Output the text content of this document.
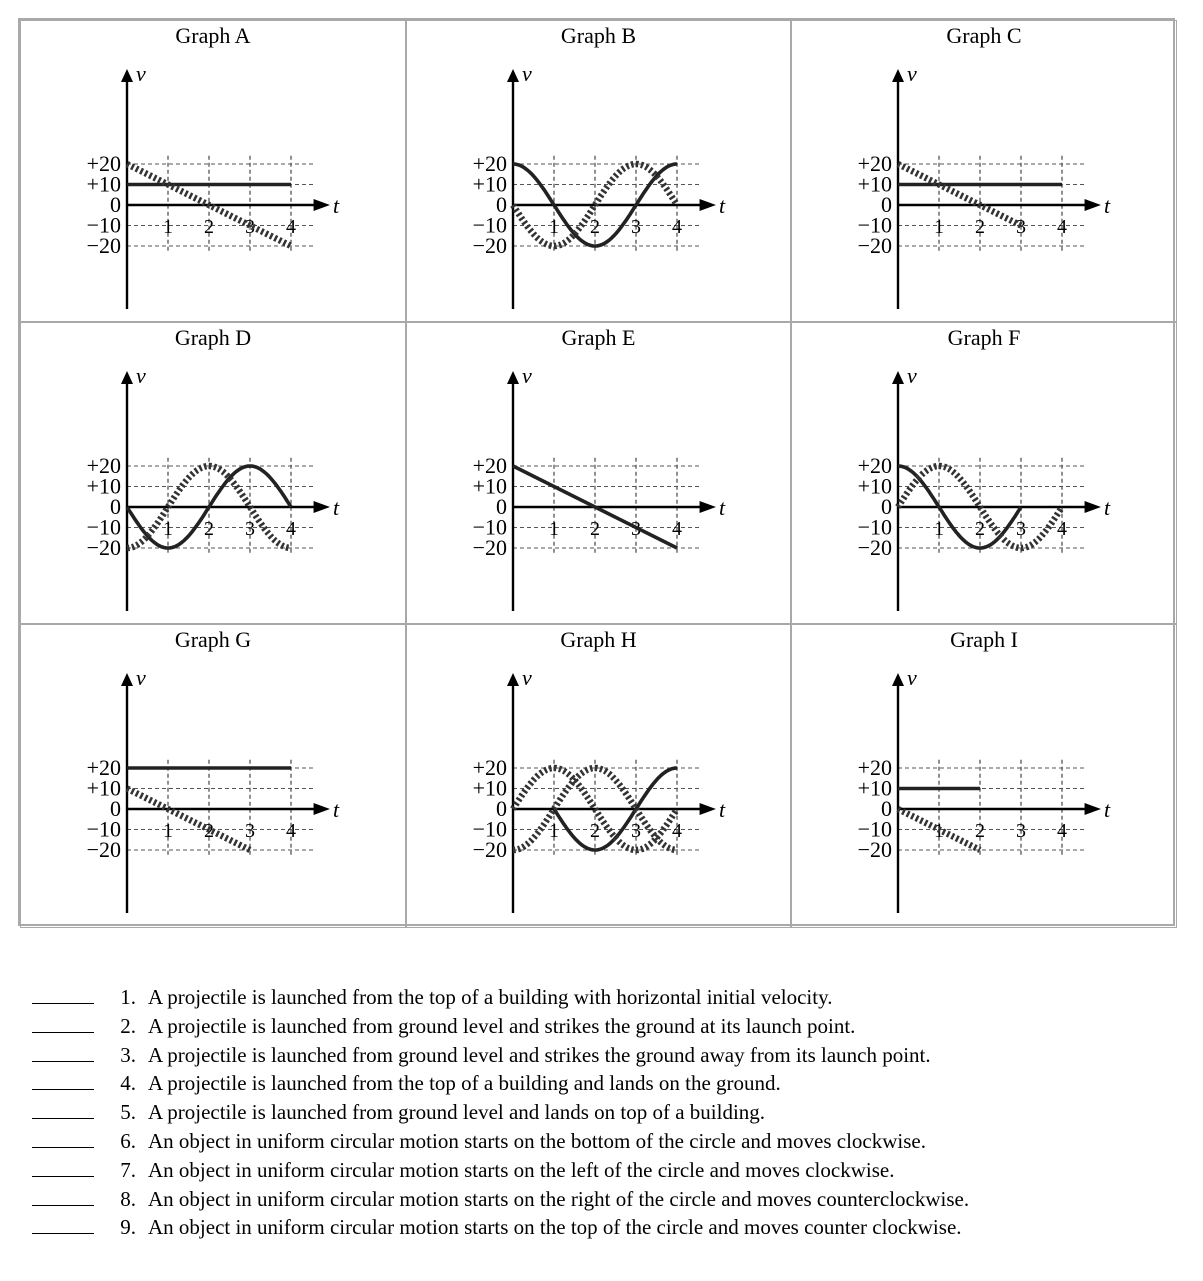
Graph A
v
t
+20
+10
0
−10
−20
1 2 3 4
Graph B
v
t
+20
+10
0
−10
−20
1 2 3 4
Graph C
v
t
+20
+10
0
−10
−20
1 2 3 4
Graph D
v
t
+20
+10
0
−10
−20
1 2 3 4
Graph E
v
t
+20
+10
0
−10
−20
1 2 3 4
Graph F
v
t
+20
+10
0
−10
−20
1 2 3 4
Graph G
v
t
+20
+10
0
−10
−20
1 2 3 4
Graph H
v
t
+20
+10
0
−10
−20
1 2 3 4
Graph I
v
t
+20
+10
0
−10
−20
1 2 3 4
1. A projectile is launched from the top of a building with horizontal initial velocity.
2. A projectile is launched from ground level and strikes the ground at its launch point.
3. A projectile is launched from ground level and strikes the ground away from its launch point.
4. A projectile is launched from the top of a building and lands on the ground.
5. A projectile is launched from ground level and lands on top of a building.
6. An object in uniform circular motion starts on the bottom of the circle and moves clockwise.
7. An object in uniform circular motion starts on the left of the circle and moves clockwise.
8. An object in uniform circular motion starts on the right of the circle and moves counterclockwise.
9. An object in uniform circular motion starts on the top of the circle and moves counter clockwise.
